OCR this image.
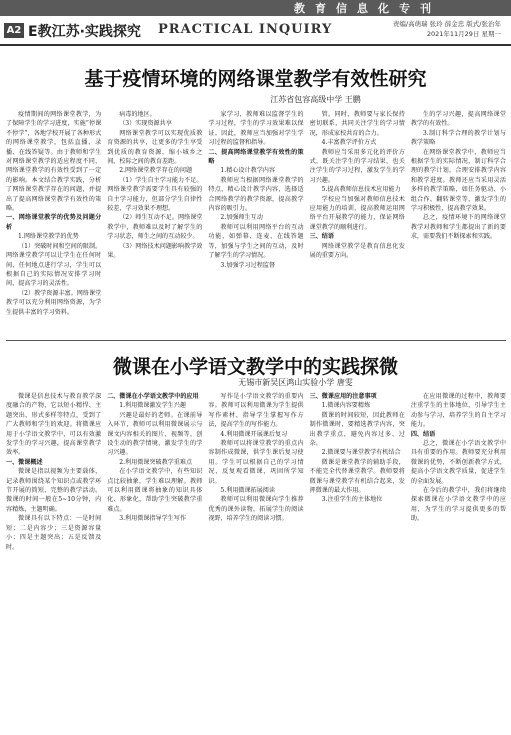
教育信息化专刊
A2 E教江苏·实践探究 PRACTICAL INQUIRY	责编/高萌瑞 张玲 薛金忠 版式/张治年
2021年11月29日 星期一
基于疫情环境的网络课堂教学有效性研究
江苏省包容高级中学 王鹏

疫情期间的网络课堂教学，为了保障学生的学习进度，实施“停课不停学”，各地学校开展了各种形式的网络课堂教学，包括直播、录播、在线答疑等。由于教师和学生对网络课堂教学的适应程度不同，网络课堂教学的有效性受到了一定的影响。本文结合教学实践，分析了网络课堂教学存在的问题，并提出了提高网络课堂教学有效性的策略。

一、网络课堂教学的优势及问题分析

1.网络课堂教学的优势

（1）突破时间和空间的限制。网络课堂教学可以让学生在任何时间、任何地点进行学习，学生可以根据自己的实际情况安排学习时间，提高学习的灵活性。

（2）教学资源丰富。网络课堂教学可以充分利用网络资源，为学生提供丰富的学习资料。

病毒的地区。

（3）实现资源共享

网络课堂教学可以实现优质教育资源的共享，让更多的学生享受到优质的教育资源，缩小城乡之间、校际之间的教育差距。

2.网络课堂教学存在的问题

（1）学生自主学习能力不足。网络课堂教学需要学生具有较强的自主学习能力，但部分学生自律性较差，学习效果不理想。

（2）师生互动不足。网络课堂教学中，教师难以及时了解学生的学习状态，师生之间的互动较少。

（3）网络技术问题影响教学效果。

家学习，教师难以监督学生的学习过程，学生的学习效果难以保证。因此，教师应当加强对学生学习过程的监督和指导。

二、提高网络课堂教学有效性的策略

1.精心设计教学内容

教师应当根据网络课堂教学的特点，精心设计教学内容，选择适合网络教学的教学资源，提高教学内容的吸引力。

2.加强师生互动

教师可以利用网络平台的互动功能，如弹幕、连麦、在线答题等，加强与学生之间的互动，及时了解学生的学习情况。

3.加强学习过程监督

管。同时，教师要与家长保持密切联系，共同关注学生的学习情况，形成家校共育的合力。

4.丰富教学评价方式

教师应当采用多元化的评价方式，既关注学生的学习结果，也关注学生的学习过程，激发学生的学习兴趣。

5.提高教师信息技术应用能力

学校应当加强对教师信息技术应用能力的培训，提高教师运用网络平台开展教学的能力，保证网络课堂教学的顺利进行。

三、结语

网络课堂教学是教育信息化发展的重要方向。

生的学习兴趣，提高网络课堂教学的有效性。

3.制订科学合理的教学计划与教学策略

在网络课堂教学中，教师应当根据学生的实际情况，制订科学合理的教学计划，合理安排教学内容和教学进度。教师还应当采用灵活多样的教学策略，如任务驱动、小组合作、翻转课堂等，激发学生的学习积极性，提高教学效果。

总之，疫情环境下的网络课堂教学对教师和学生都提出了新的要求，需要我们不断探索和实践。

微课在小学语文教学中的实践探微
无锡市新吴区鸿山实验小学 唐雯

微课是信息技术与教育教学深度融合的产物，它以短小精悍、主题突出、形式多样等特点，受到了广大教师和学生的欢迎。将微课应用于小学语文教学中，可以有效激发学生的学习兴趣，提高课堂教学效率。

一、微课概述

微课是指以视频为主要载体，记录教师围绕某个知识点或教学环节开展的简短、完整的教学活动。微课的时间一般在5~10分钟，内容精炼，主题明确。

微课具有以下特点：一是时间短；二是内容少；三是资源容量小；四是主题突出；五是反馈及时。

二、微课在小学语文教学中的应用

1.利用微课激发学生兴趣

兴趣是最好的老师。在课前导入环节，教师可以利用微课展示与课文内容相关的图片、视频等，创设生动的教学情境，激发学生的学习兴趣。

2.利用微课突破教学重难点

在小学语文教学中，有些知识点比较抽象，学生难以理解。教师可以利用微课将抽象的知识具体化、形象化，帮助学生突破教学重难点。

3.利用微课指导学生写作

写作是小学语文教学的重要内容。教师可以利用微课为学生提供写作素材，指导学生掌握写作方法，提高学生的写作能力。

4.利用微课开展课后复习

教师可以将课堂教学的重点内容制作成微课，供学生课后复习使用。学生可以根据自己的学习情况，反复观看微课，巩固所学知识。

5.利用微课拓展阅读

教师可以利用微课向学生推荐优秀的课外读物，拓展学生的阅读视野，培养学生的阅读习惯。

三、微课应用的注意事项

1.微课内容要精炼

微课的时间较短，因此教师在制作微课时，要精选教学内容，突出教学重点，避免内容过多、过杂。

2.微课要与课堂教学有机结合

微课是课堂教学的辅助手段，不能完全代替课堂教学。教师要将微课与课堂教学有机结合起来，发挥微课的最大作用。

3.注重学生的主体地位

在应用微课的过程中，教师要注重学生的主体地位，引导学生主动参与学习，培养学生的自主学习能力。

四、结语

总之，微课在小学语文教学中具有重要的作用。教师要充分利用微课的优势，不断创新教学方式，提高小学语文教学质量，促进学生的全面发展。

在今后的教学中，我们将继续探索微课在小学语文教学中的应用，为学生的学习提供更多的帮助。
